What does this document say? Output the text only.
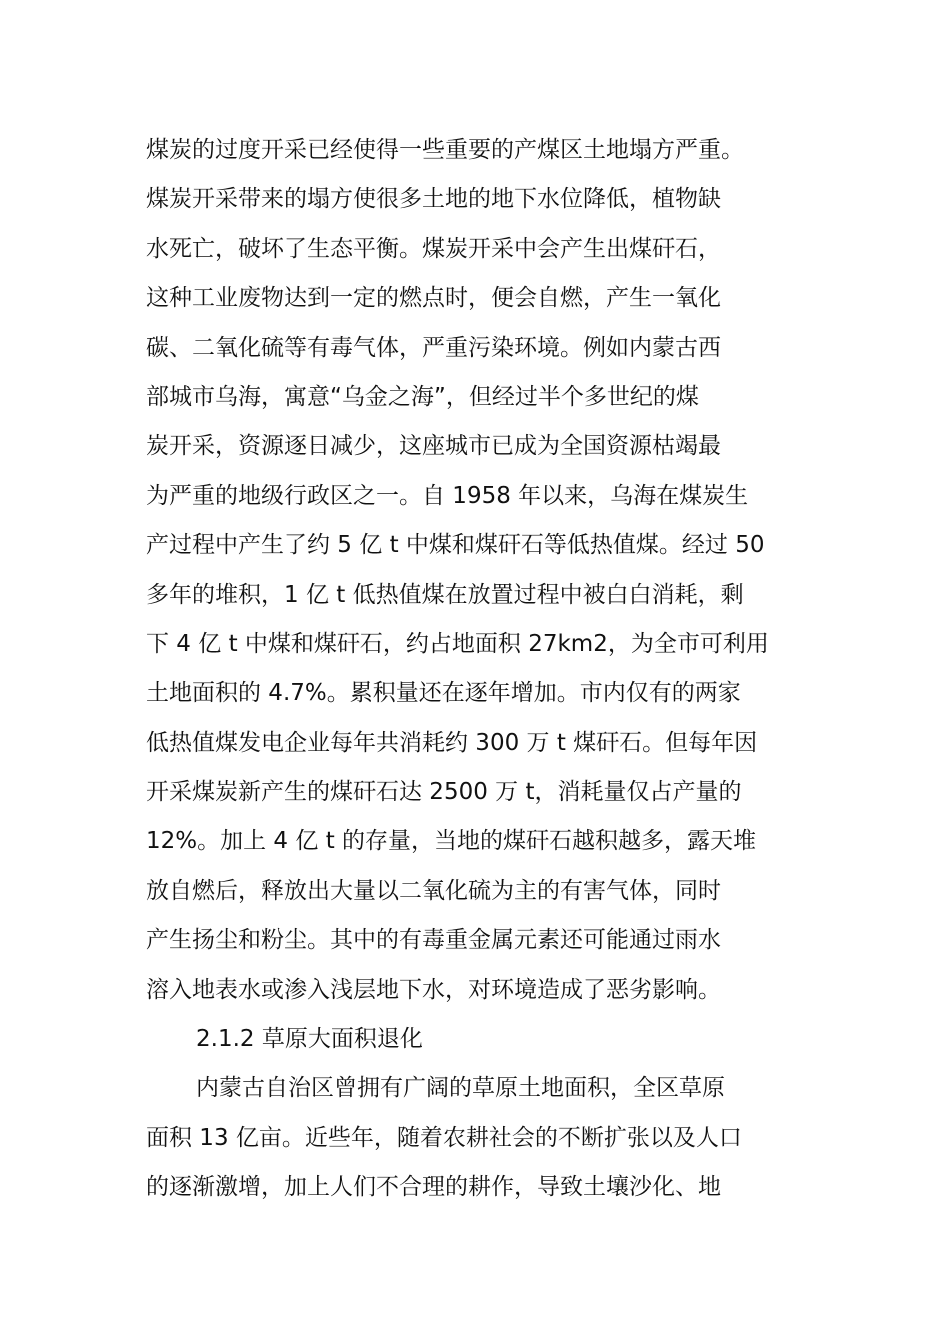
煤炭的过度开采已经使得一些重要的产煤区土地塌方严重。
煤炭开采带来的塌方使很多土地的地下水位降低，植物缺
水死亡，破坏了生态平衡。煤炭开采中会产生出煤矸石，
这种工业废物达到一定的燃点时，便会自燃，产生一氧化
碳、二氧化硫等有毒气体，严重污染环境。例如内蒙古西
部城市乌海，寓意“乌金之海”，但经过半个多世纪的煤
炭开采，资源逐日减少，这座城市已成为全国资源枯竭最
为严重的地级行政区之一。自 1958 年以来，乌海在煤炭生
产过程中产生了约 5 亿 t 中煤和煤矸石等低热值煤。经过 50
多年的堆积，1 亿 t 低热值煤在放置过程中被白白消耗，剩
下 4 亿 t 中煤和煤矸石，约占地面积 27km2，为全市可利用
土地面积的 4.7%。累积量还在逐年增加。市内仅有的两家
低热值煤发电企业每年共消耗约 300 万 t 煤矸石。但每年因
开采煤炭新产生的煤矸石达 2500 万 t，消耗量仅占产量的
12%。加上 4 亿 t 的存量，当地的煤矸石越积越多，露天堆
放自燃后，释放出大量以二氧化硫为主的有害气体，同时
产生扬尘和粉尘。其中的有毒重金属元素还可能通过雨水
溶入地表水或渗入浅层地下水，对环境造成了恶劣影响。
2.1.2 草原大面积退化
内蒙古自治区曾拥有广阔的草原土地面积，全区草原
面积 13 亿亩。近些年，随着农耕社会的不断扩张以及人口
的逐渐激增，加上人们不合理的耕作，导致土壤沙化、地
